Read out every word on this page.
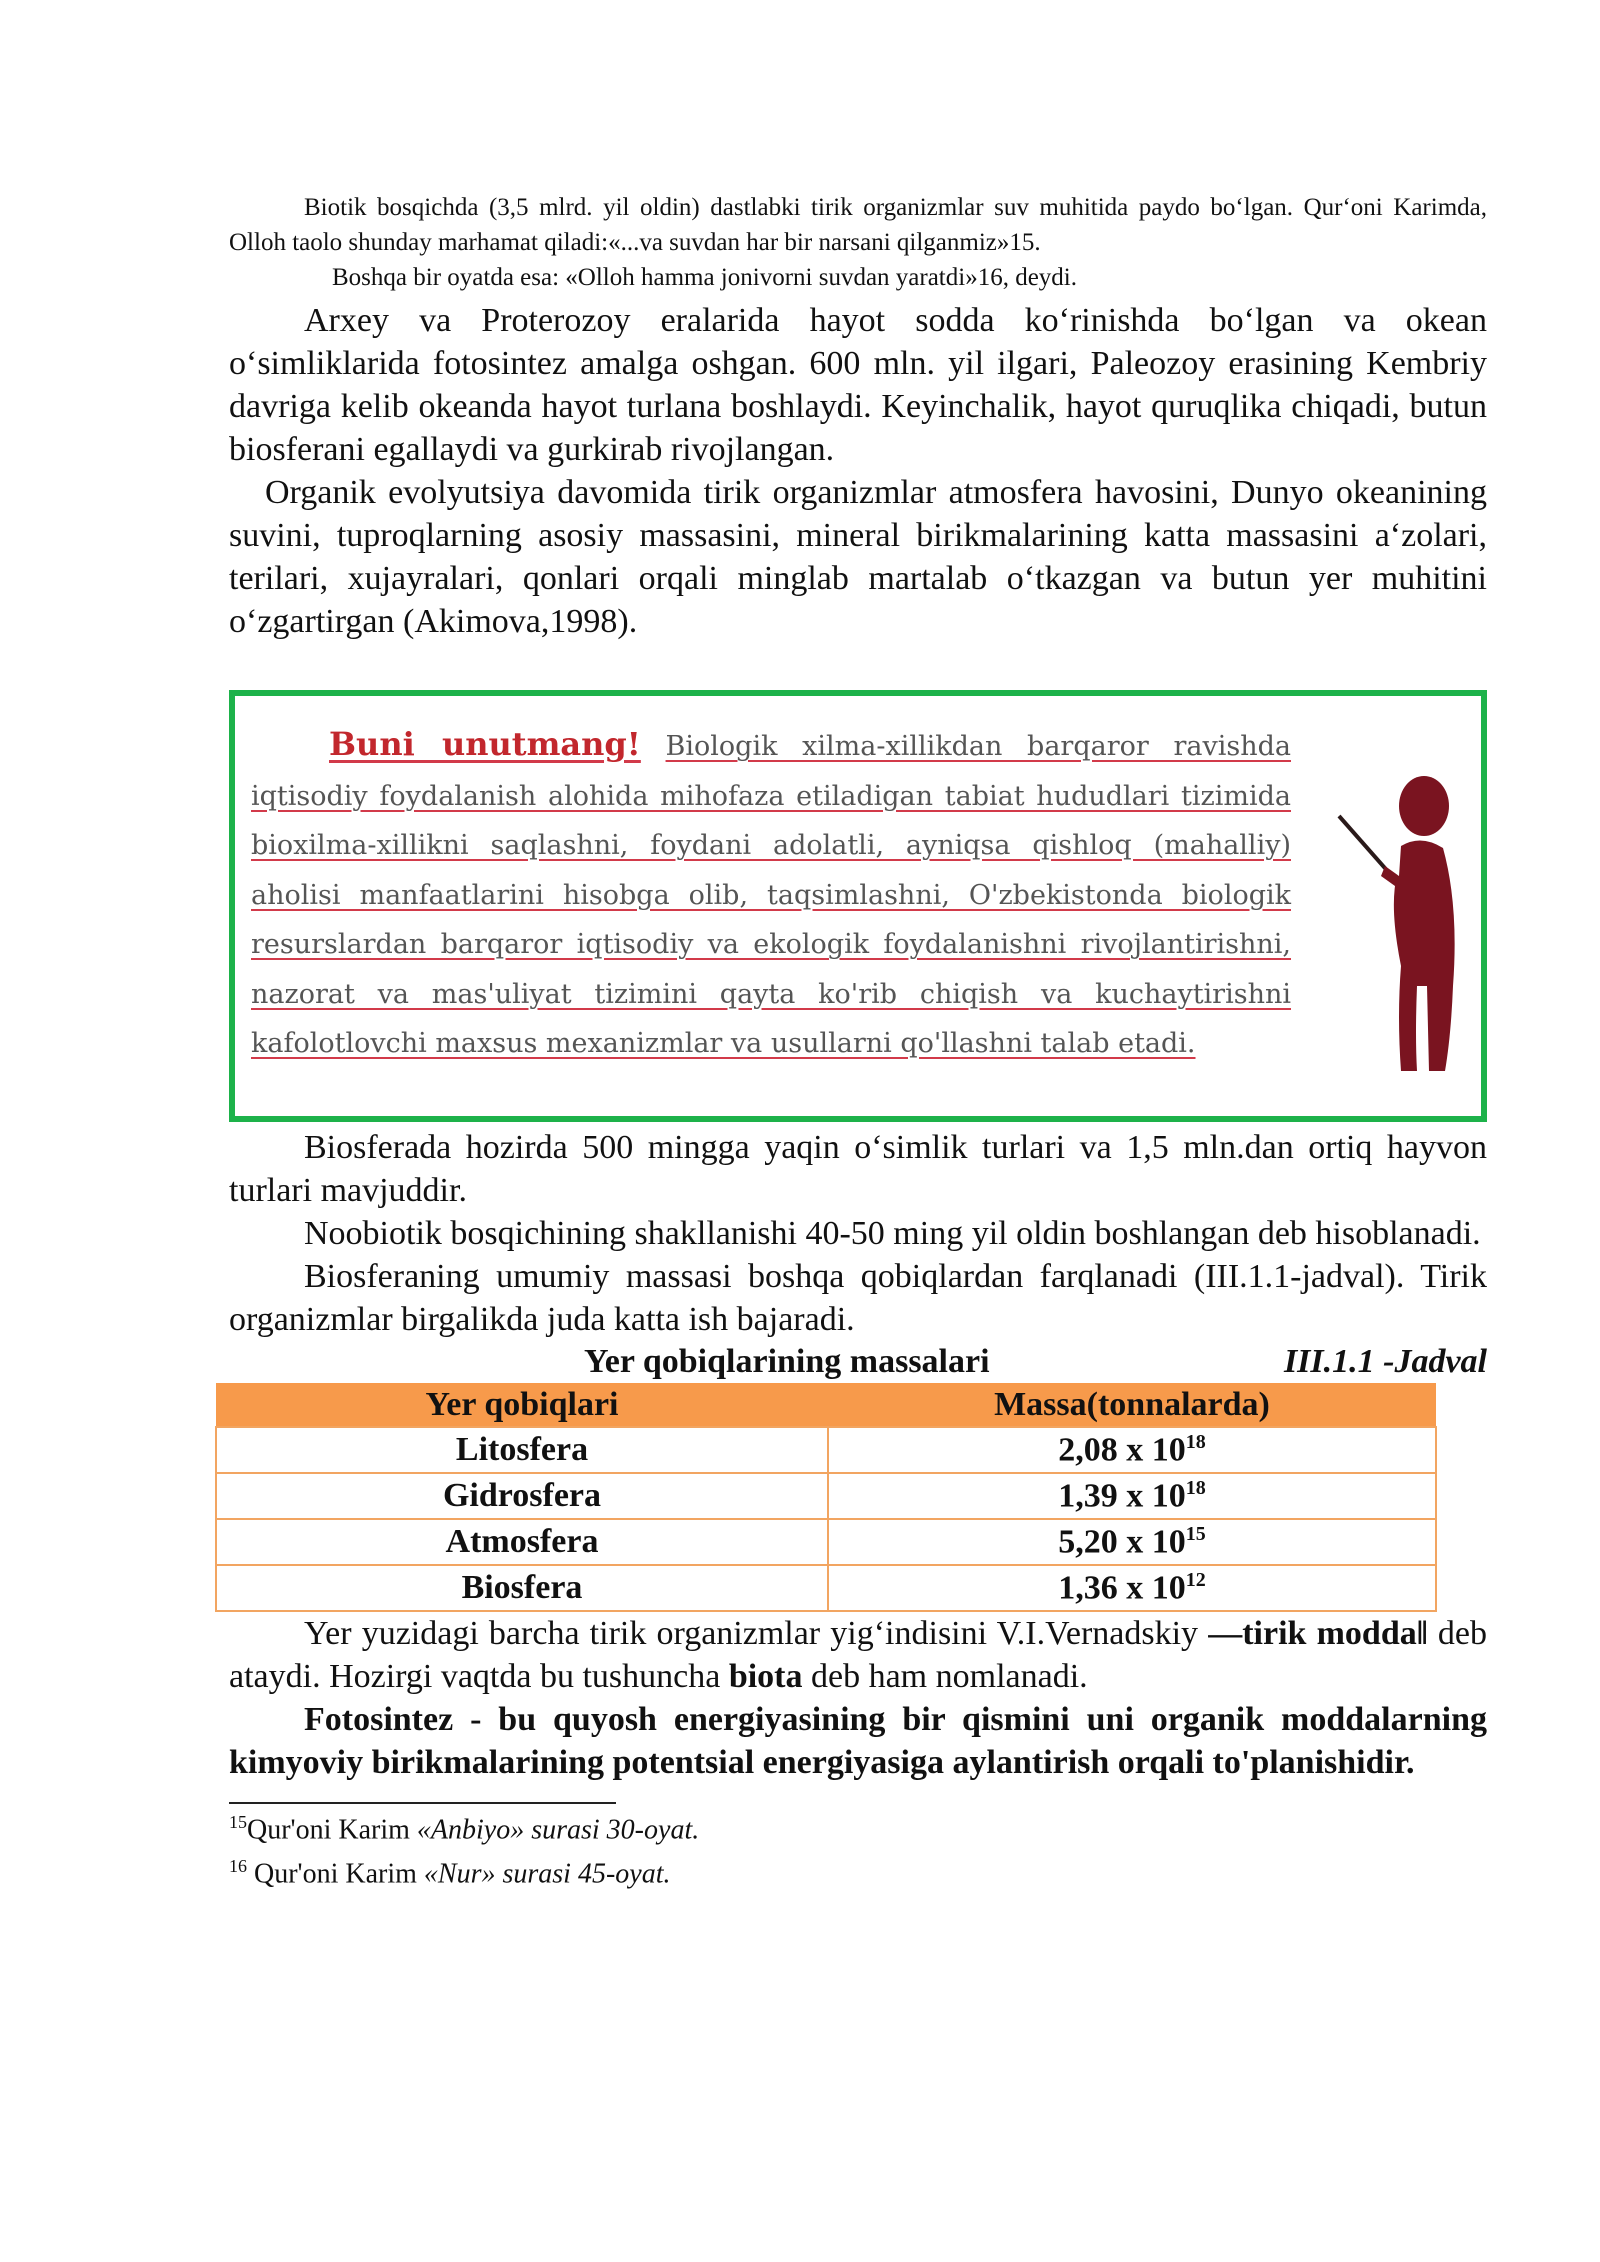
Biotik bosqichda (3,5 mlrd. yil oldin) dastlabki tirik organizmlar suv muhitida paydo boʻlgan. Qurʻoni Karimda, Olloh taolo shunday marhamat qiladi:«...va suvdan har bir narsani qilganmiz»15.

Boshqa bir oyatda esa: «Olloh hamma jonivorni suvdan yaratdi»16, deydi.

Arxey va Proterozoy eralarida hayot sodda koʻrinishda boʻlgan va okean oʻsimliklarida fotosintez amalga oshgan. 600 mln. yil ilgari, Paleozoy erasining Kembriy davriga kelib okeanda hayot turlana boshlaydi. Keyinchalik, hayot quruqlika chiqadi, butun biosferani egallaydi va gurkirab rivojlangan.

Organik evolyutsiya davomida tirik organizmlar atmosfera havosini, Dunyo okeanining suvini, tuproqlarning asosiy massasini, mineral birikmalarining katta massasini aʻzolari, terilari, xujayralari, qonlari orqali minglab martalab oʻtkazgan va butun yer muhitini oʻzgartirgan (Akimova,1998).

Buni unutmang! Biologik xilma-xillikdan barqaror ravishda iqtisodiy foydalanish alohida mihofaza etiladigan tabiat hududlari tizimida bioxilma-xillikni saqlashni, foydani adolatli, ayniqsa qishloq (mahalliy) aholisi manfaatlarini hisobga olib, taqsimlashni, O'zbekistonda biologik resurslardan barqaror iqtisodiy va ekologik foydalanishni rivojlantirishni, nazorat va mas'uliyat tizimini qayta ko'rib chiqish va kuchaytirishni kafolotlovchi maxsus mexanizmlar va usullarni qo'llashni talab etadi.

Biosferada hozirda 500 mingga yaqin oʻsimlik turlari va 1,5 mln.dan ortiq hayvon turlari mavjuddir.

Noobiotik bosqichining shakllanishi 40-50 ming yil oldin boshlangan deb hisoblanadi.

Biosferaning umumiy massasi boshqa qobiqlardan farqlanadi (III.1.1-jadval). Tirik organizmlar birgalikda juda katta ish bajaradi.

Yer qobiqlarining massalari	III.1.1 -Jadval
Yer qobiqlari	Massa(tonnalarda)
Litosfera	2,08 x $10^{18}$
Gidrosfera	1,39 x $10^{18}$
Atmosfera	5,20 x $10^{15}$
Biosfera	1,36 x $10^{12}$

Yer yuzidagi barcha tirik organizmlar yigʻindisini V.I.Vernadskiy ―tirik moddaǁ deb ataydi. Hozirgi vaqtda bu tushuncha biota deb ham nomlanadi.

Fotosintez - bu quyosh energiyasining bir qismini uni organik moddalarning kimyoviy birikmalarining potentsial energiyasiga aylantirish orqali to'planishidir.

$^{15}$Qur'oni Karim «Anbiyo» surasi 30-oyat.

$^{16}$ Qur'oni Karim «Nur» surasi 45-oyat.
